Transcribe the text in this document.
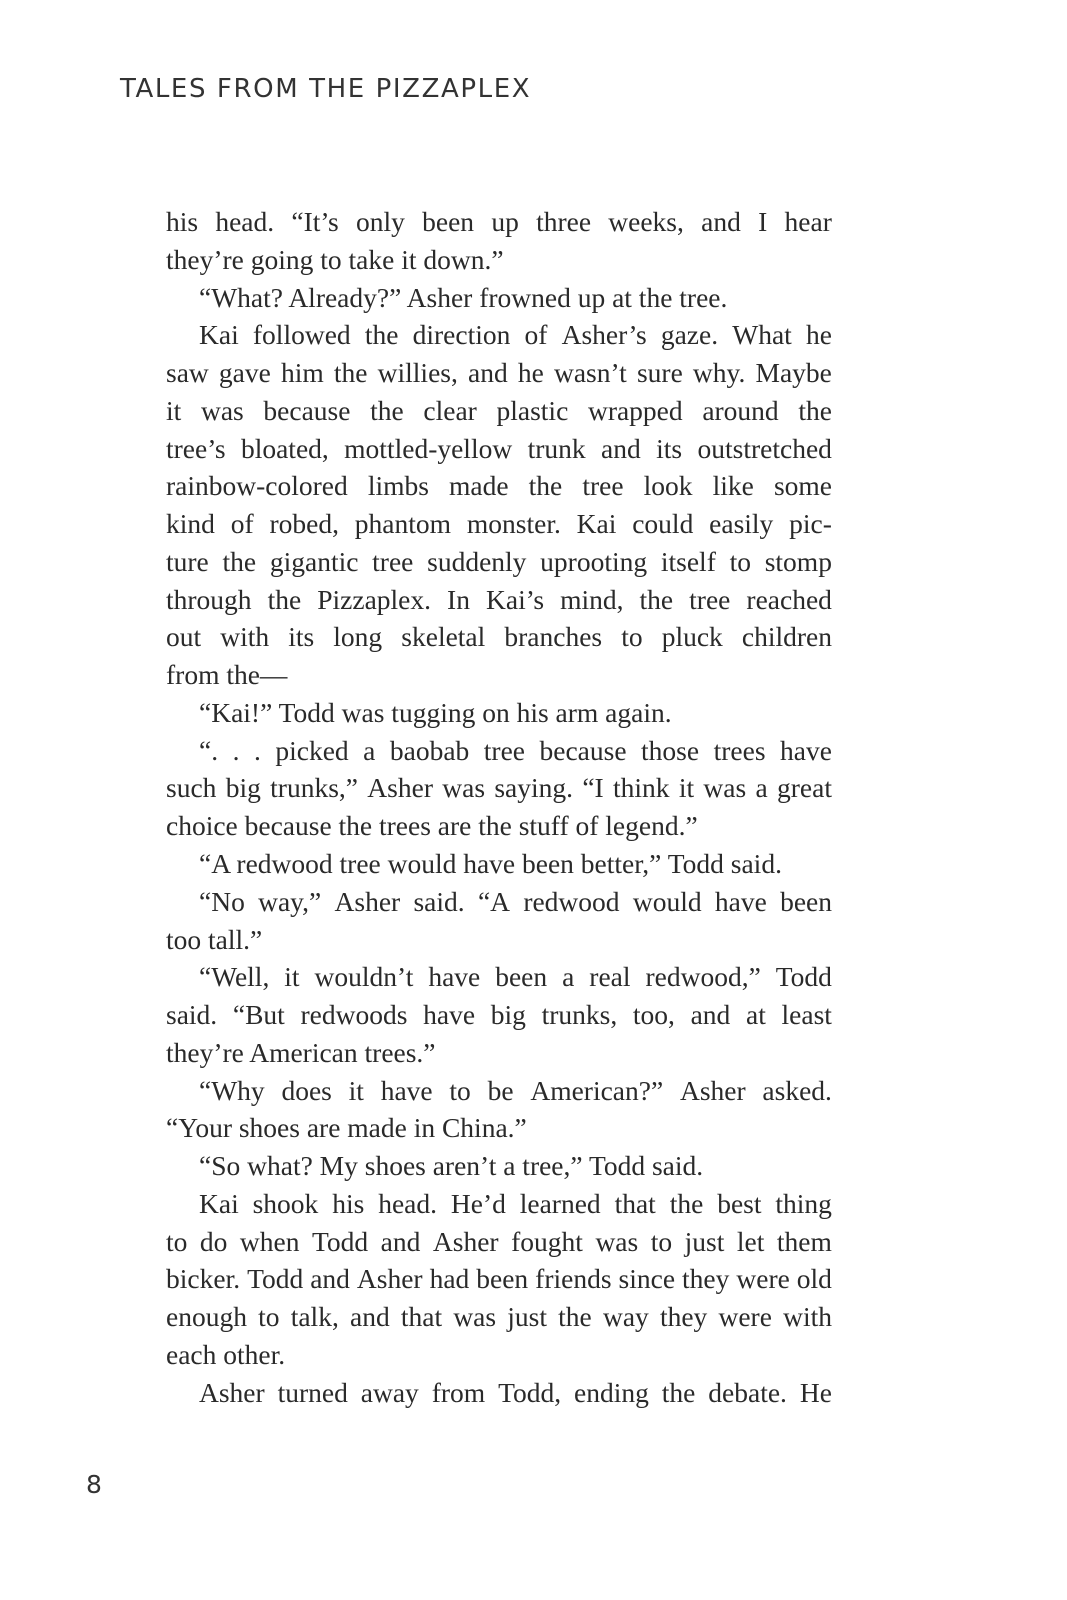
TALES FROM THE PIZZAPLEX
his head. “It’s only been up three weeks, and I hear
they’re going to take it down.”
“What? Already?” Asher frowned up at the tree.
Kai followed the direction of Asher’s gaze. What he
saw gave him the willies, and he wasn’t sure why. Maybe
it was because the clear plastic wrapped around the
tree’s bloated, mottled-yellow trunk and its outstretched
rainbow-colored limbs made the tree look like some
kind of robed, phantom monster. Kai could easily pic-
ture the gigantic tree suddenly uprooting itself to stomp
through the Pizzaplex. In Kai’s mind, the tree reached
out with its long skeletal branches to pluck children
from the—
“Kai!” Todd was tugging on his arm again.
“. . . picked a baobab tree because those trees have
such big trunks,” Asher was saying. “I think it was a great
choice because the trees are the stuff of legend.”
“A redwood tree would have been better,” Todd said.
“No way,” Asher said. “A redwood would have been
too tall.”
“Well, it wouldn’t have been a real redwood,” Todd
said. “But redwoods have big trunks, too, and at least
they’re American trees.”
“Why does it have to be American?” Asher asked.
“Your shoes are made in China.”
“So what? My shoes aren’t a tree,” Todd said.
Kai shook his head. He’d learned that the best thing
to do when Todd and Asher fought was to just let them
bicker. Todd and Asher had been friends since they were old
enough to talk, and that was just the way they were with
each other.
Asher turned away from Todd, ending the debate. He
8
